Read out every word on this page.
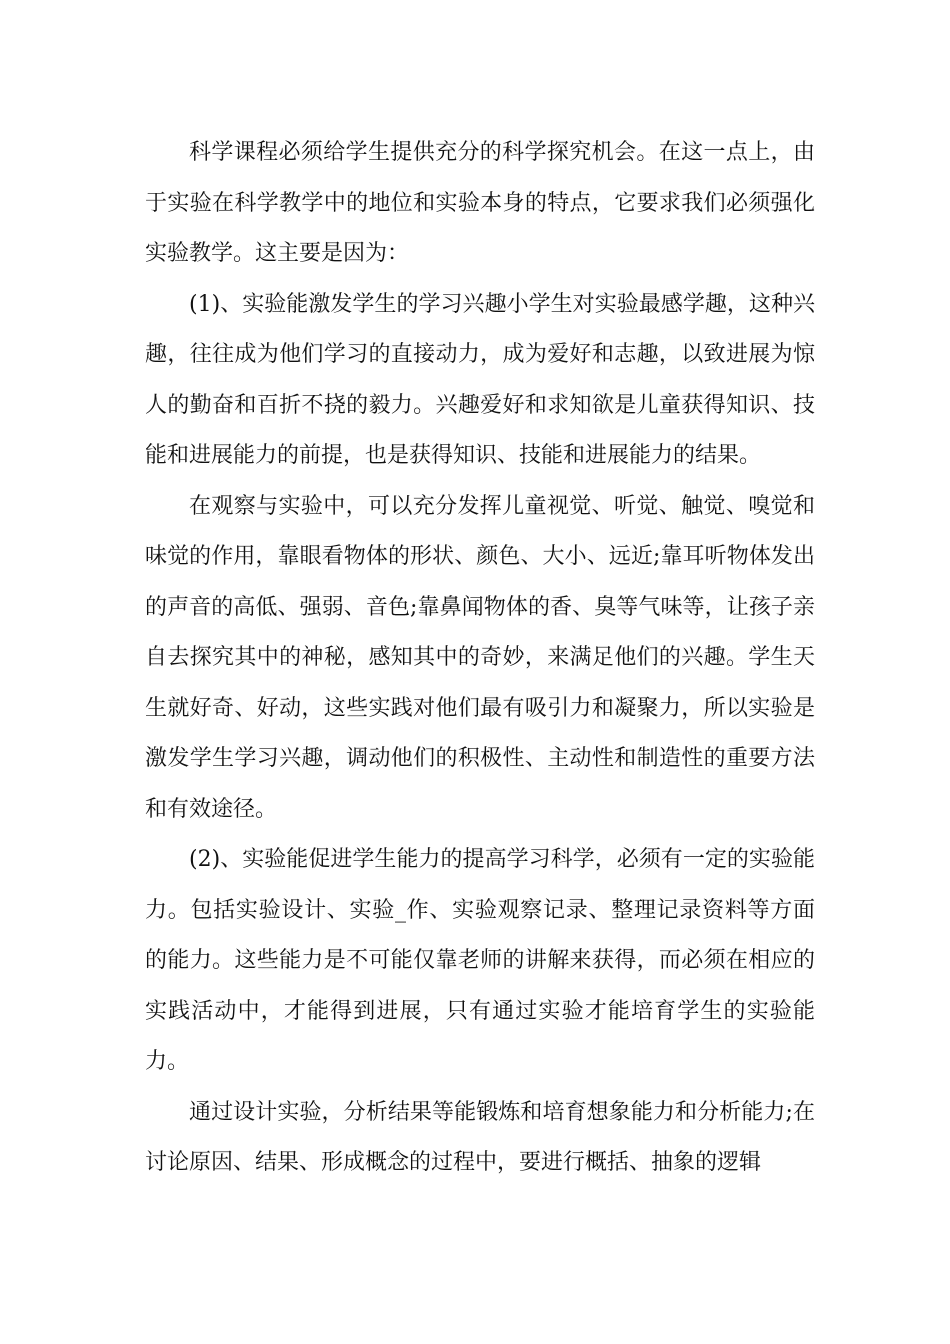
科学课程必须给学生提供充分的科学探究机会。在这一点上，由于实验在科学教学中的地位和实验本身的特点，它要求我们必须强化实验教学。这主要是因为：

(1)、实验能激发学生的学习兴趣小学生对实验最感学趣，这种兴趣，往往成为他们学习的直接动力，成为爱好和志趣，以致进展为惊人的勤奋和百折不挠的毅力。兴趣爱好和求知欲是儿童获得知识、技能和进展能力的前提，也是获得知识、技能和进展能力的结果。

在观察与实验中，可以充分发挥儿童视觉、听觉、触觉、嗅觉和味觉的作用，靠眼看物体的形状、颜色、大小、远近;靠耳听物体发出的声音的高低、强弱、音色;靠鼻闻物体的香、臭等气味等，让孩子亲自去探究其中的神秘，感知其中的奇妙，来满足他们的兴趣。学生天生就好奇、好动，这些实践对他们最有吸引力和凝聚力，所以实验是激发学生学习兴趣，调动他们的积极性、主动性和制造性的重要方法和有效途径。

(2)、实验能促进学生能力的提高学习科学，必须有一定的实验能力。包括实验设计、实验_作、实验观察记录、整理记录资料等方面的能力。这些能力是不可能仅靠老师的讲解来获得，而必须在相应的实践活动中，才能得到进展，只有通过实验才能培育学生的实验能力。

通过设计实验，分析结果等能锻炼和培育想象能力和分析能力;在讨论原因、结果、形成概念的过程中，要进行概括、抽象的逻辑
